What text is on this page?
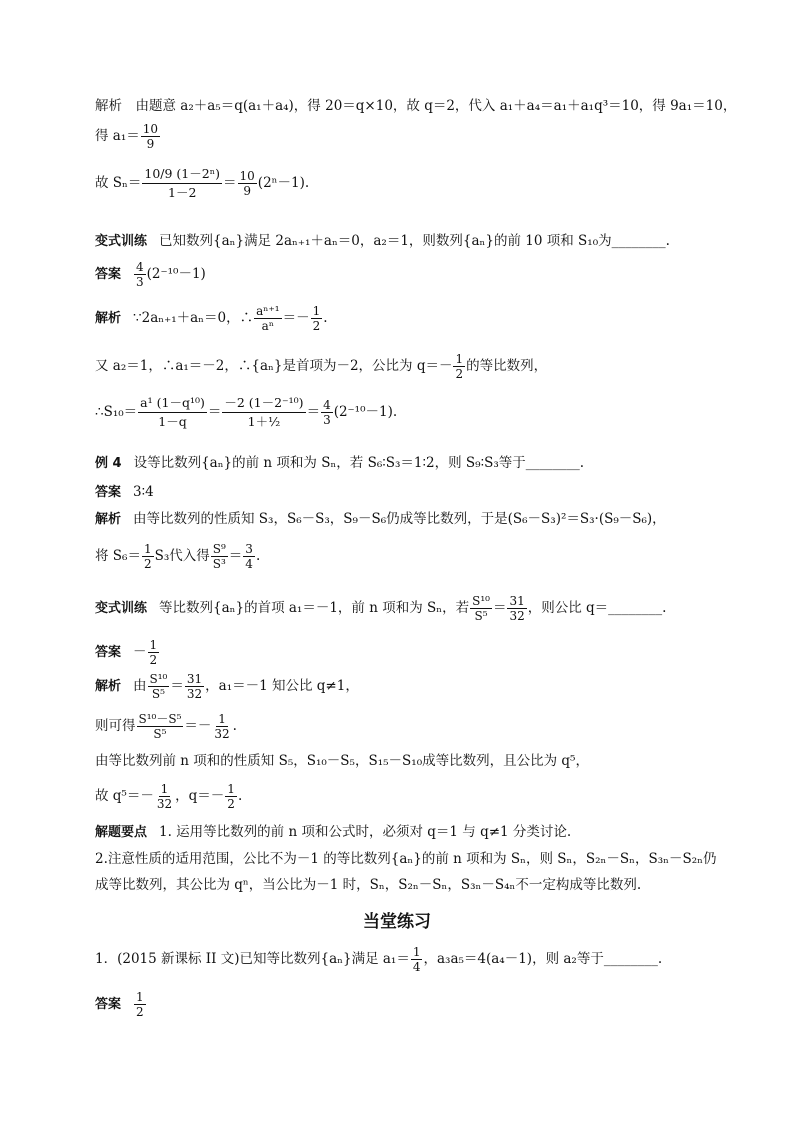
解析　由题意 a₂＋a₅＝q(a₁＋a₄)，得 20＝q×10，故 q＝2，代入 a₁＋a₄＝a₁＋a₁q³＝10，得 9a₁＝10，
得 $a_1= \frac{10}{9}$
故 $S_n= \frac{\text{10/9 (1－2ⁿ)}}{1-2} = \frac{10}{9} (2^n-1)$.
变式训练 已知数列{aₙ}满足 2aₙ₊₁＋aₙ＝0，a₂＝1，则数列{aₙ}的前 10 项和 S₁₀为________.
答案 $\frac{4}{3} (2^{-10}-1)$
解析 ∵2aₙ₊₁＋aₙ＝0，∴ $\frac{\text{aⁿ⁺¹}}{\text{aⁿ}} =- \frac{1}{2}$ .
又 a₂＝1，∴a₁＝－2，∴{aₙ}是首项为－2，公比为 $q=- \frac{1}{2}$ 的等比数列，
∴S₁₀＝ $\frac{\text{a¹ (1－q¹⁰)}}{1-q} = \frac{\text{－2 (1－2⁻¹⁰)}}{\text{1＋½}} = \frac{4}{3} (2^{-10}-1)$.
例 4 设等比数列{aₙ}的前 n 项和为 Sₙ，若 S₆∶S₃＝1∶2，则 S₉∶S₃等于________.
答案 3∶4
解析 由等比数列的性质知 S₃，S₆－S₃，S₉－S₆仍成等比数列，于是(S₆－S₃)²＝S₃·(S₉－S₆)，
将 $S_6= \frac{1}{2} S_3$代入得 $\frac{\text{S⁹}}{\text{S³}} = \frac{3}{4}$ .
变式训练 等比数列{aₙ}的首项 a₁＝－1，前 n 项和为 Sₙ，若 $\frac{\text{S¹⁰}}{\text{S⁵}} = \frac{31}{32}$ ，则公比 q＝________.
答案 － $\frac{1}{2}$
解析 由 $\frac{\text{S¹⁰}}{\text{S⁵}} = \frac{31}{32}$ ，a₁＝－1 知公比 q≠1，
则可得 $\frac{\text{S¹⁰－S⁵}}{\text{S⁵}} =- \frac{1}{32}$ .
由等比数列前 n 项和的性质知 S₅，S₁₀－S₅，S₁₅－S₁₀成等比数列，且公比为 q⁵，
故 $q^5=- \frac{1}{32}$ ，$q=- \frac{1}{2}$ .
解题要点 1. 运用等比数列的前 n 项和公式时，必须对 q＝1 与 q≠1 分类讨论.
2.注意性质的适用范围，公比不为－1 的等比数列{aₙ}的前 n 项和为 Sₙ，则 Sₙ，S₂ₙ－Sₙ，S₃ₙ－S₂ₙ仍
成等比数列，其公比为 qⁿ，当公比为－1 时，Sₙ，S₂ₙ－Sₙ，S₃ₙ－S₄ₙ不一定构成等比数列.
当堂练习
1．(2015 新课标 II 文)已知等比数列{aₙ}满足 $a_1= \frac{1}{4}$ ，a₃a₅＝4(a₄－1)，则 a₂等于________.
答案 $\frac{1}{2}$
